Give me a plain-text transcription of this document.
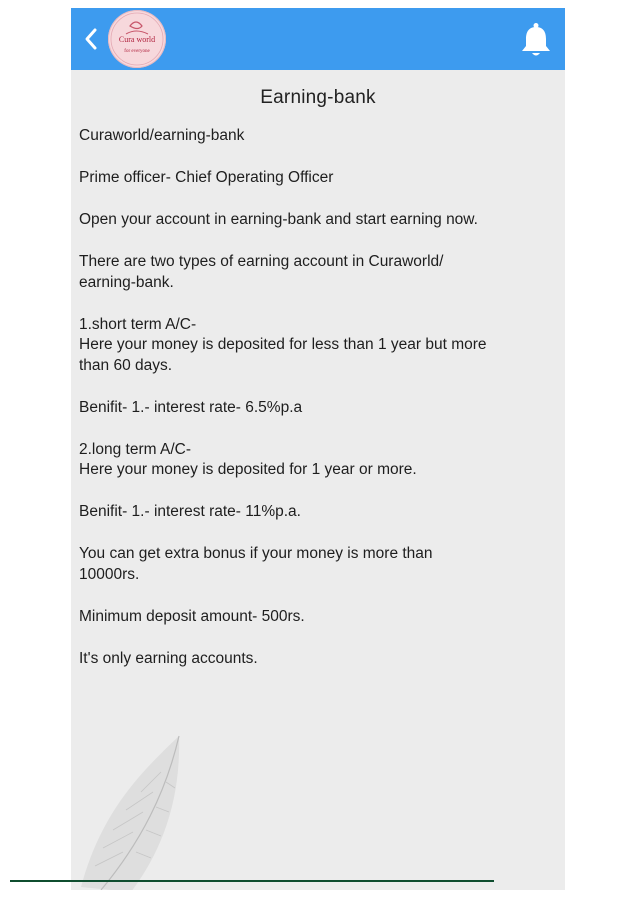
Cura world
for everyone
Earning-bank

Curaworld/earning-bank

Prime officer- Chief Operating Officer

Open your account in earning-bank and start earning now.

There are two types of earning account in Curaworld/
earning-bank.

1.short term A/C-
Here your money is deposited for less than 1 year but more
than 60 days.

Benifit- 1.- interest rate- 6.5%p.a

2.long term A/C-
Here your money is deposited for 1 year or more.

Benifit- 1.- interest rate- 11%p.a.

You can get extra bonus if your money is more than
10000rs.

Minimum deposit amount- 500rs.

It's only earning accounts.
